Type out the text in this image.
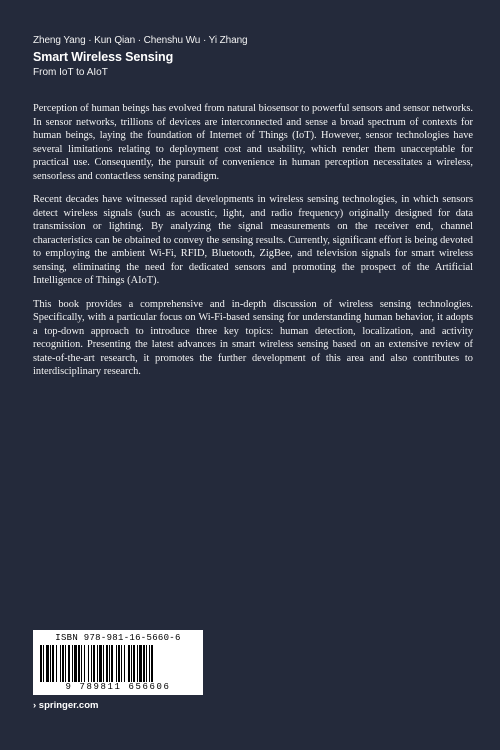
Zheng Yang · Kun Qian · Chenshu Wu · Yi Zhang
Smart Wireless Sensing
From IoT to AIoT

Perception of human beings has evolved from natural biosensor to powerful sensors and sensor networks. In sensor networks, trillions of devices are interconnected and sense a broad spectrum of contexts for human beings, laying the foundation of Internet of Things (IoT). However, sensor technologies have several limitations relating to deployment cost and usability, which render them unacceptable for practical use. Consequently, the pursuit of convenience in human perception necessitates a wireless, sensorless and contactless sensing paradigm.

Recent decades have witnessed rapid developments in wireless sensing technologies, in which sensors detect wireless signals (such as acoustic, light, and radio frequency) originally designed for data transmission or lighting. By analyzing the signal measurements on the receiver end, channel characteristics can be obtained to convey the sensing results. Currently, significant effort is being devoted to employing the ambient Wi-Fi, RFID, Bluetooth, ZigBee, and television signals for smart wireless sensing, eliminating the need for dedicated sensors and promoting the prospect of the Artificial Intelligence of Things (AIoT).

This book provides a comprehensive and in-depth discussion of wireless sensing technologies. Specifically, with a particular focus on Wi-Fi-based sensing for understanding human behavior, it adopts a top-down approach to introduce three key topics: human detection, localization, and activity recognition. Presenting the latest advances in smart wireless sensing based on an extensive review of state-of-the-art research, it promotes the further development of this area and also contributes to interdisciplinary research.

ISBN 978-981-16-5660-6
9 789811 656606
› springer.com
